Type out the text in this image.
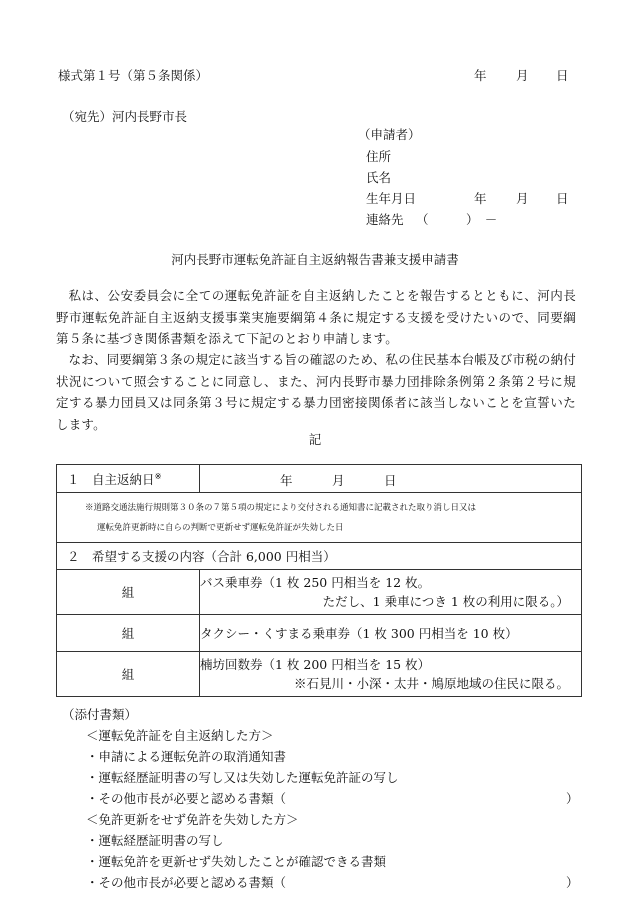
様式第１号（第５条関係）	年 月 日
（宛先）河内長野市長
（申請者）
住所
氏名
生年月日	年 月 日
連絡先 （　　　）　－
河内長野市運転免許証自主返納報告書兼支援申請書
私は、公安委員会に全ての運転免許証を自主返納したことを報告するとともに、河内長野市運転免許証自主返納支援事業実施要綱第４条に規定する支援を受けたいので、同要綱第５条に基づき関係書類を添えて下記のとおり申請します。
なお、同要綱第３条の規定に該当する旨の確認のため、私の住民基本台帳及び市税の納付状況について照会することに同意し、また、河内長野市暴力団排除条例第２条第２号に規定する暴力団員又は同条第３号に規定する暴力団密接関係者に該当しないことを宣誓いたします。
記
１　自主返納日※	年 月 日

※道路交通法施行規則第３０条の７第５項の規定により交付される通知書に記載された取り消し日又は
運転免許更新時に自らの判断で更新せず運転免許証が失効した日	

２　希望する支援の内容（合計 6,000 円相当）	
組	バス乗車券（1 枚 250 円相当を 12 枚。
ただし、1 乗車につき 1 枚の利用に限る。）

組	タクシー・くすまる乗車券（1 枚 300 円相当を 10 枚）

組	楠坊回数券（1 枚 200 円相当を 15 枚）
※石見川・小深・太井・鳩原地域の住民に限る。
（添付書類）
＜運転免許証を自主返納した方＞
・申請による運転免許の取消通知書
・運転経歴証明書の写し又は失効した運転免許証の写し
・その他市長が必要と認める書類（	）
＜免許更新をせず免許を失効した方＞
・運転経歴証明書の写し
・運転免許を更新せず失効したことが確認できる書類
・その他市長が必要と認める書類（	）
